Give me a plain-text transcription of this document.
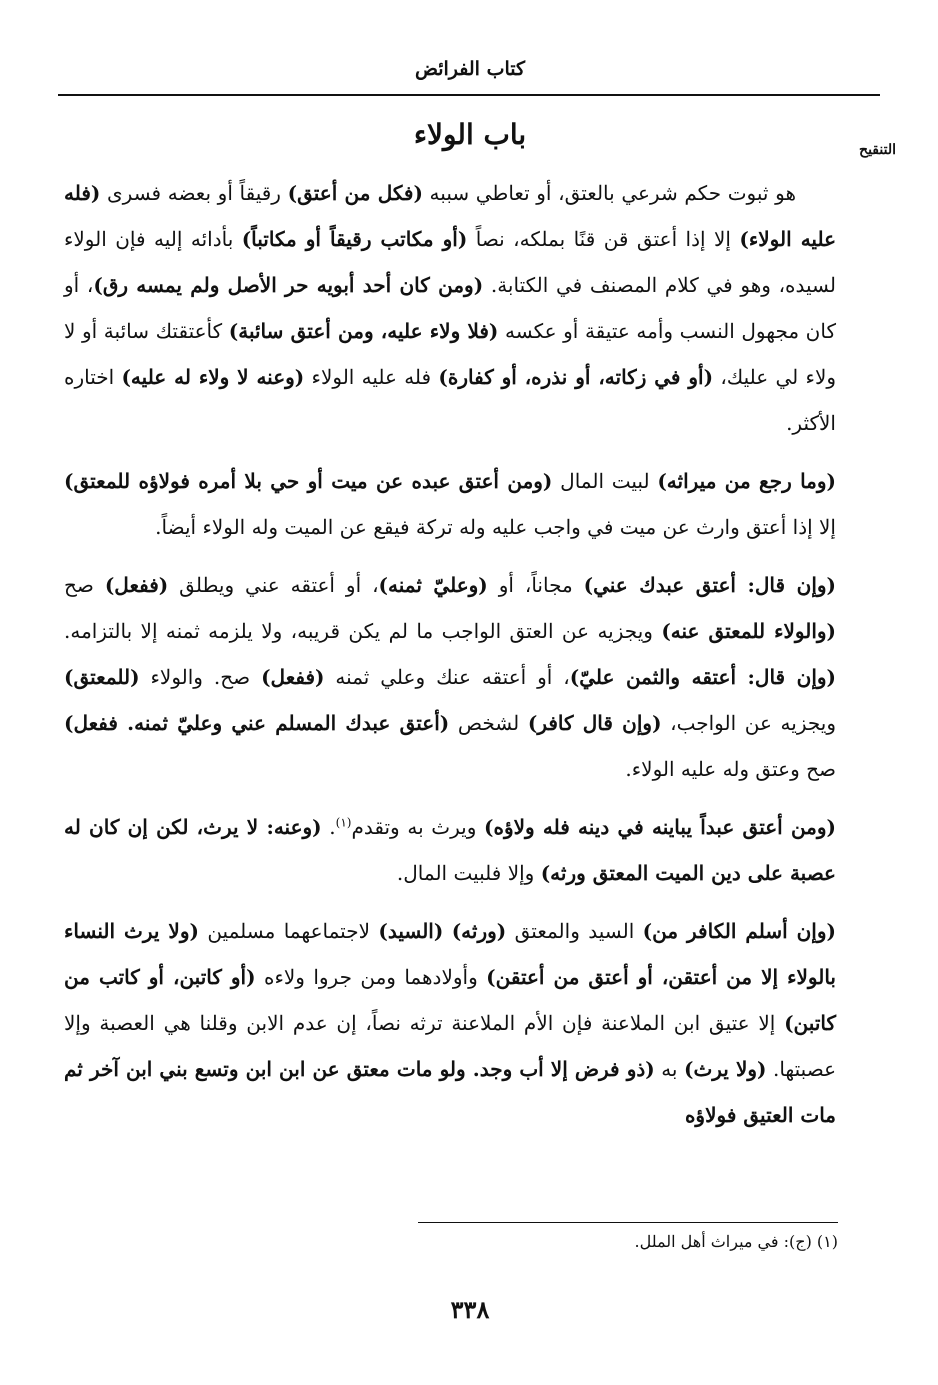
كتاب الفرائض
التنقيح
باب الولاء

هو ثبوت حكم شرعي بالعتق، أو تعاطي سببه (فكل من أعتق) رقيقاً أو بعضه فسرى (فله عليه الولاء) إلا إذا أعتق قن قنًا بملكه، نصاً (أو مكاتب رقيقاً أو مكاتباً) بأدائه إليه فإن الولاء لسيده، وهو في كلام المصنف في الكتابة. (ومن كان أحد أبويه حر الأصل ولم يمسه رق)، أو كان مجهول النسب وأمه عتيقة أو عكسه (فلا ولاء عليه، ومن أعتق سائبة) كأعتقتك سائبة أو لا ولاء لي عليك، (أو في زكاته، أو نذره، أو كفارة) فله عليه الولاء (وعنه لا ولاء له عليه) اختاره الأكثر.

(وما رجع من ميراثه) لبيت المال (ومن أعتق عبده عن ميت أو حي بلا أمره فولاؤه للمعتق) إلا إذا أعتق وارث عن ميت في واجب عليه وله تركة فيقع عن الميت وله الولاء أيضاً.

(وإن قال: أعتق عبدك عني) مجاناً، أو (وعليّ ثمنه)، أو أعتقه عني ويطلق (ففعل) صح (والولاء للمعتق عنه) ويجزيه عن العتق الواجب ما لم يكن قريبه، ولا يلزمه ثمنه إلا بالتزامه. (وإن قال: أعتقه والثمن عليّ)، أو أعتقه عنك وعلي ثمنه (ففعل) صح. والولاء (للمعتق) ويجزيه عن الواجب، (وإن قال كافر) لشخص (أعتق عبدك المسلم عني وعليّ ثمنه. ففعل) صح وعتق وله عليه الولاء.

(ومن أعتق عبداً يباينه في دينه فله ولاؤه) ويرث به وتقدم$^{(١)}$. (وعنه: لا يرث، لكن إن كان له عصبة على دين الميت المعتق ورثه) وإلا فلبيت المال.

(وإن أسلم الكافر من) السيد والمعتق (ورثه) (السيد) لاجتماعهما مسلمين (ولا يرث النساء بالولاء إلا من أعتقن، أو أعتق من أعتقن) وأولادهما ومن جروا ولاءه (أو كاتبن، أو كاتب من كاتبن) إلا عتيق ابن الملاعنة فإن الأم الملاعنة ترثه نصاً، إن عدم الابن وقلنا هي العصبة وإلا عصبتها. (ولا يرث) به (ذو فرض إلا أب وجد. ولو مات معتق عن ابن ابن وتسع بني ابن آخر ثم مات العتيق فولاؤه

(١) (ج): في ميراث أهل الملل.
٣٣٨
